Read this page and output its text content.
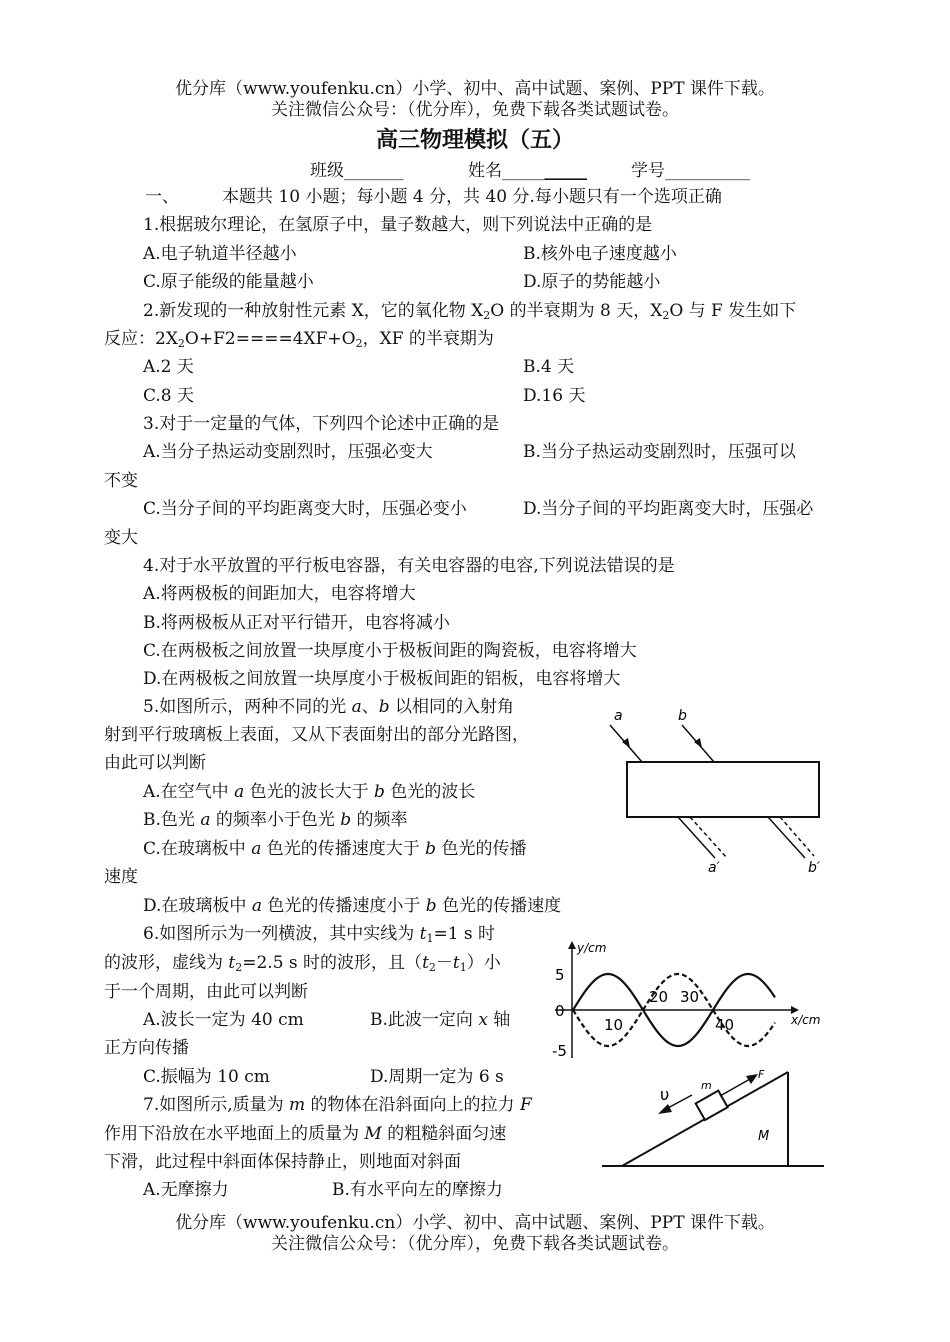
优分库（www.youfenku.cn）小学、初中、高中试题、案例、PPT 课件下载。
关注微信公众号：（优分库），免费下载各类试题试卷。
高三物理模拟（五）
班级_______	姓名__________	学号__________
一、	本题共 10 小题；每小题 4 分，共 40 分.每小题只有一个选项正确
1.根据玻尔理论，在氢原子中，量子数越大，则下列说法中正确的是
A.电子轨道半径越小	B.核外电子速度越小
C.原子能级的能量越小	D.原子的势能越小
2.新发现的一种放射性元素 X，它的氧化物 $X_2O$ 的半衰期为 8 天，$X_2O$ 与 F 发生如下
反应：$2X_2O+F2====4XF+O_2$，XF 的半衰期为
A.2 天	B.4 天
C.8 天	D.16 天
3.对于一定量的气体，下列四个论述中正确的是
A.当分子热运动变剧烈时，压强必变大	B.当分子热运动变剧烈时，压强可以
不变
C.当分子间的平均距离变大时，压强必变小	D.当分子间的平均距离变大时，压强必
变大
4.对于水平放置的平行板电容器，有关电容器的电容,下列说法错误的是
A.将两极板的间距加大，电容将增大
B.将两极板从正对平行错开，电容将减小
C.在两极板之间放置一块厚度小于极板间距的陶瓷板，电容将增大
D.在两极板之间放置一块厚度小于极板间距的铝板，电容将增大
5.如图所示，两种不同的光 a、b 以相同的入射角
射到平行玻璃板上表面，又从下表面射出的部分光路图，
由此可以判断
A.在空气中 a 色光的波长大于 b 色光的波长
B.色光 a 的频率小于色光 b 的频率
C.在玻璃板中 a 色光的传播速度大于 b 色光的传播
速度
D.在玻璃板中 a 色光的传播速度小于 b 色光的传播速度
a	b
a′	b′
6.如图所示为一列横波，其中实线为 $t_1=1$ s 时
的波形，虚线为 $t_2=2.5$ s 时的波形，且$(t_2-t_1)$小
于一个周期，由此可以判断
A.波长一定为 40 cm	B.此波一定向 x 轴
正方向传播
C.振幅为 10 cm	D.周期一定为 6 s
y/cm
x/cm
5
0
-5
10
20 30
40
7.如图所示,质量为 m 的物体在沿斜面向上的拉力 F
作用下沿放在水平地面上的质量为 M 的粗糙斜面匀速
下滑，此过程中斜面体保持静止，则地面对斜面
A.无摩擦力	B.有水平向左的摩擦力
υ	m
F
M
优分库（www.youfenku.cn）小学、初中、高中试题、案例、PPT 课件下载。
关注微信公众号：（优分库），免费下载各类试题试卷。
